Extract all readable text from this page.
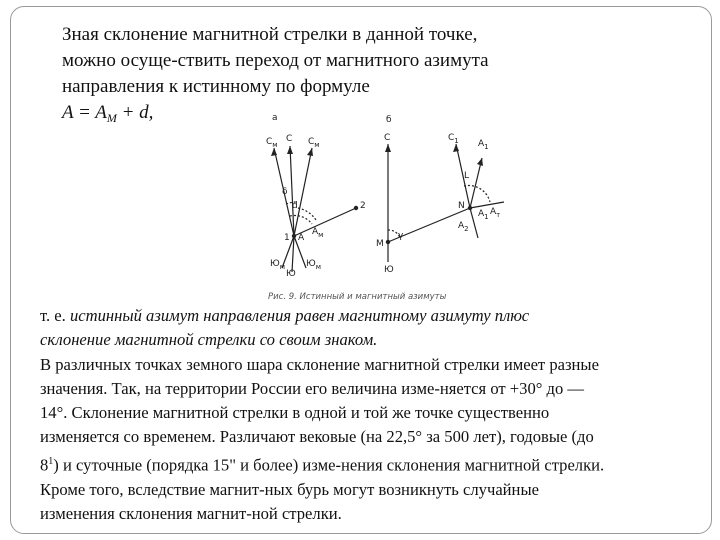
Зная склонение магнитной стрелки в данной точке,
можно осуще-ствить переход от магнитного азимута
направления к истинному по формуле
$A = A_M + d$,	а
$C_м$
C $C_м$
δ
d	2
1 A
$A_м$
$Ю_м$
Ю
$Ю_м$
б
C	$C_1$ $A_1$
M
Ю
L
N
$A_1$ $A_т$
$A_2$
γ
Рис. 9. Истинный и магнитный азимуты
т. е. истинный азимут направления равен магнитному азимуту плюс
склонение магнитной стрелки со своим знаком.
В различных точках земного шара склонение магнитной стрелки имеет разные
значения. Так, на территории России его величина изме-няется от +30° до —
14°. Склонение магнитной стрелки в одной и той же точке существенно
изменяется со временем. Различают вековые (на 22,5° за 500 лет), годовые (до
$8^1$) и суточные (порядка 15" и более) изме-нения склонения магнитной стрелки.
Кроме того, вследствие магнит-ных бурь могут возникнуть случайные
изменения склонения магнит-ной стрелки.
